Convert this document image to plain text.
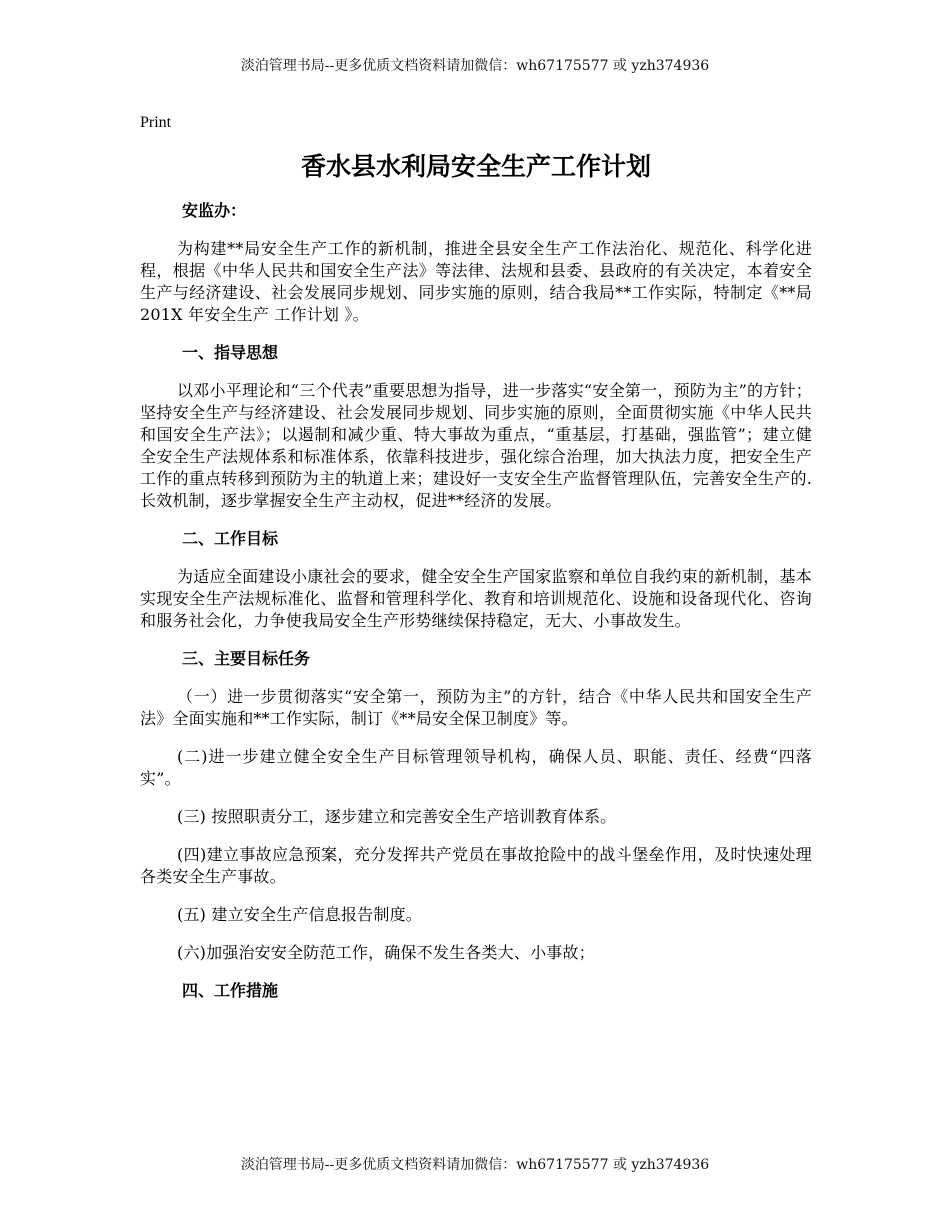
淡泊管理书局--更多优质文档资料请加微信：wh67175577 或 yzh374936
Print
香水县水利局安全生产工作计划
安监办：

为构建**局安全生产工作的新机制，推进全县安全生产工作法治化、规范化、科学化进程，根据《中华人民共和国安全生产法》等法律、法规和县委、县政府的有关决定，本着安全生产与经济建设、社会发展同步规划、同步实施的原则，结合我局**工作实际，特制定《**局 201X 年安全生产 工作计划 》。

一、指导思想

以邓小平理论和“三个代表”重要思想为指导，进一步落实“安全第一，预防为主”的方针；坚持安全生产与经济建设、社会发展同步规划、同步实施的原则，全面贯彻实施《中华人民共和国安全生产法》；以遏制和减少重、特大事故为重点，“重基层，打基础，强监管”；建立健全安全生产法规体系和标准体系，依靠科技进步，强化综合治理，加大执法力度，把安全生产工作的重点转移到预防为主的轨道上来；建设好一支安全生产监督管理队伍，完善安全生产的.长效机制，逐步掌握安全生产主动权，促进**经济的发展。

二、工作目标

为适应全面建设小康社会的要求，健全安全生产国家监察和单位自我约束的新机制，基本实现安全生产法规标准化、监督和管理科学化、教育和培训规范化、设施和设备现代化、咨询和服务社会化，力争使我局安全生产形势继续保持稳定，无大、小事故发生。

三、主要目标任务

（一）进一步贯彻落实“安全第一，预防为主”的方针，结合《中华人民共和国安全生产法》全面实施和**工作实际，制订《**局安全保卫制度》等。

(二)进一步建立健全安全生产目标管理领导机构，确保人员、职能、责任、经费“四落实”。

(三) 按照职责分工，逐步建立和完善安全生产培训教育体系。

(四)建立事故应急预案，充分发挥共产党员在事故抢险中的战斗堡垒作用，及时快速处理各类安全生产事故。

(五) 建立安全生产信息报告制度。

(六)加强治安安全防范工作，确保不发生各类大、小事故；

四、工作措施
淡泊管理书局--更多优质文档资料请加微信：wh67175577 或 yzh374936
